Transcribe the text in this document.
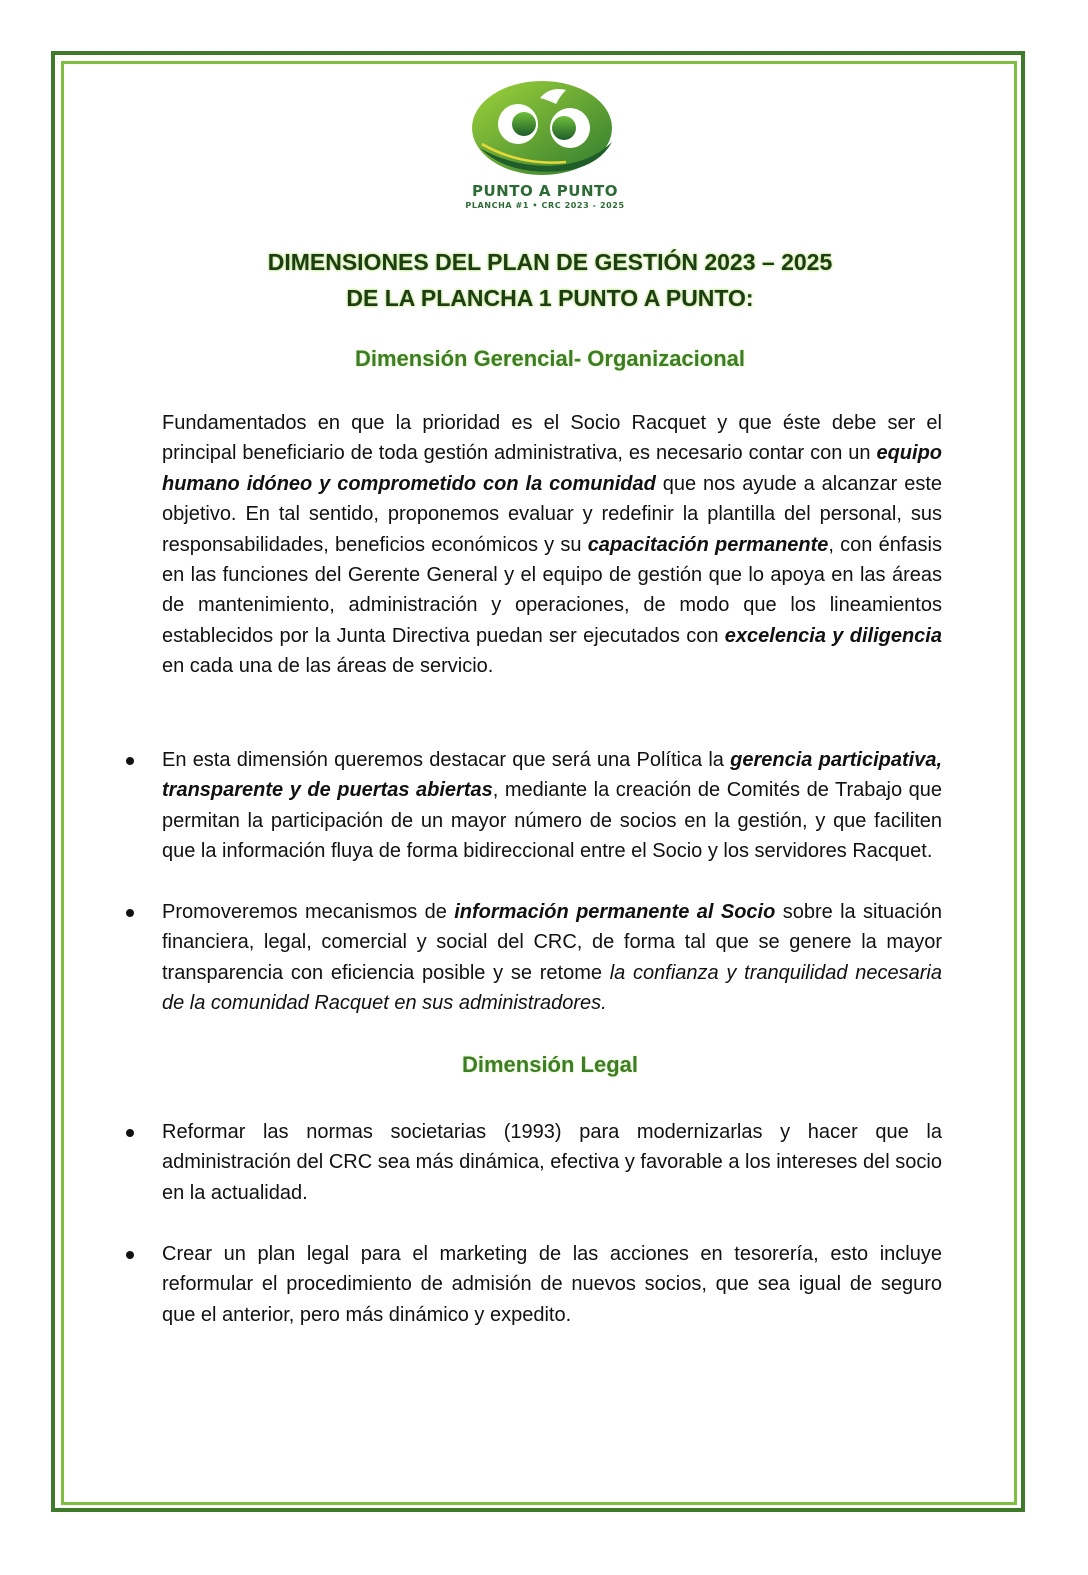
PUNTO A PUNTO
PLANCHA #1 • CRC 2023 - 2025
DIMENSIONES DEL PLAN DE GESTIÓN 2023 – 2025
DE LA PLANCHA 1 PUNTO A PUNTO:
Dimensión Gerencial- Organizacional

Fundamentados en que la prioridad es el Socio Racquet y que éste debe ser el principal beneficiario de toda gestión administrativa, es necesario contar con un equipo humano idóneo y comprometido con la comunidad que nos ayude a alcanzar este objetivo. En tal sentido, proponemos evaluar y redefinir la plantilla del personal, sus responsabilidades, beneficios económicos y su capacitación permanente, con énfasis en las funciones del Gerente General y el equipo de gestión que lo apoya en las áreas de mantenimiento, administración y operaciones, de modo que los lineamientos establecidos por la Junta Directiva puedan ser ejecutados con excelencia y diligencia en cada una de las áreas de servicio.

En esta dimensión queremos destacar que será una Política la gerencia participativa, transparente y de puertas abiertas, mediante la creación de Comités de Trabajo que permitan la participación de un mayor número de socios en la gestión, y que faciliten que la información fluya de forma bidireccional entre el Socio y los servidores Racquet.

Promoveremos mecanismos de información permanente al Socio sobre la situación financiera, legal, comercial y social del CRC, de forma tal que se genere la mayor transparencia con eficiencia posible y se retome la confianza y tranquilidad necesaria de la comunidad Racquet en sus administradores.

Dimensión Legal

Reformar las normas societarias (1993) para modernizarlas y hacer que la administración del CRC sea más dinámica, efectiva y favorable a los intereses del socio en la actualidad.

Crear un plan legal para el marketing de las acciones en tesorería, esto incluye reformular el procedimiento de admisión de nuevos socios, que sea igual de seguro que el anterior, pero más dinámico y expedito.
